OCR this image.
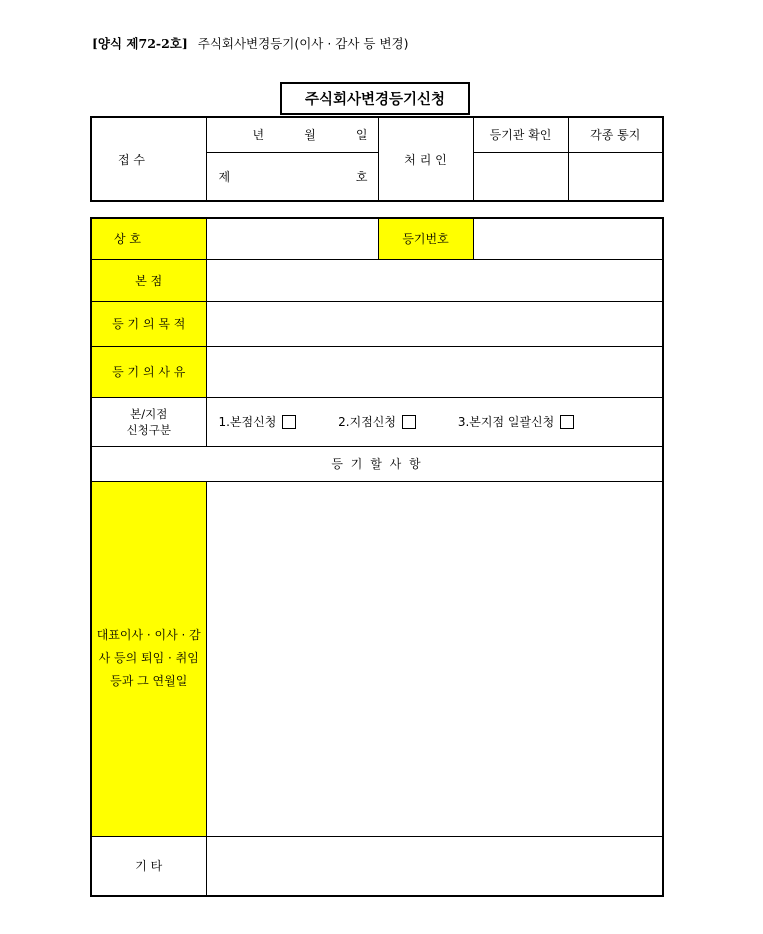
[양식 제72-2호] 주식회사변경등기(이사 · 감사 등 변경)
주식회사변경등기신청
접 수	년 월 일	처 리 인	등기관 확인	각종 통지

	제 호			

상 호		등기번호	
본 점			
등 기 의 목 적			
등 기 의 사 유			

본/지점
신청구분	1.본점신청 2.지점신청 3.본지점 일괄신청		
등 기 할 사 항			

대표이사 · 이사 · 감
사 등의 퇴임 · 취임
등과 그 연월일			

기 타			
